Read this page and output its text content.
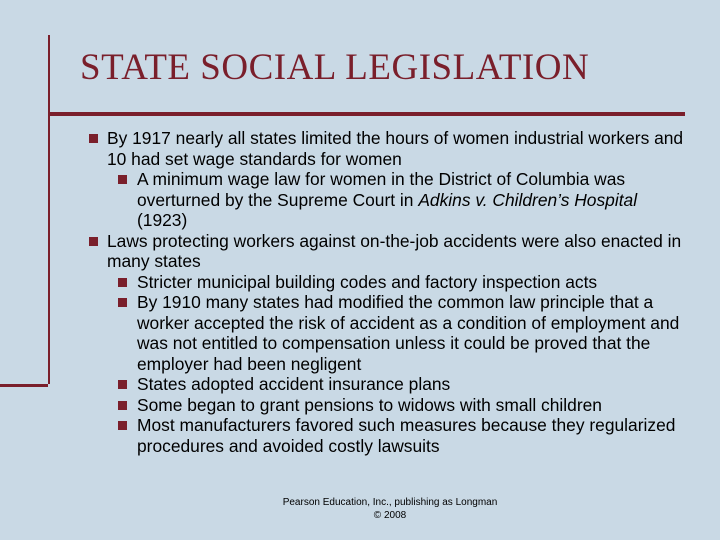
STATE SOCIAL LEGISLATION
By 1917 nearly all states limited the hours of women industrial workers and 10 had set wage standards for women
A minimum wage law for women in the District of Columbia was overturned by the Supreme Court in Adkins v. Children’s Hospital (1923)
Laws protecting workers against on-the-job accidents were also enacted in many states
Stricter municipal building codes and factory inspection acts
By 1910 many states had modified the common law principle that a worker accepted the risk of accident as a condition of employment and was not entitled to compensation unless it could be proved that the employer had been negligent
States adopted accident insurance plans
Some began to grant pensions to widows with small children
Most manufacturers favored such measures because they regularized procedures and avoided costly lawsuits
Pearson Education, Inc., publishing as Longman
© 2008
